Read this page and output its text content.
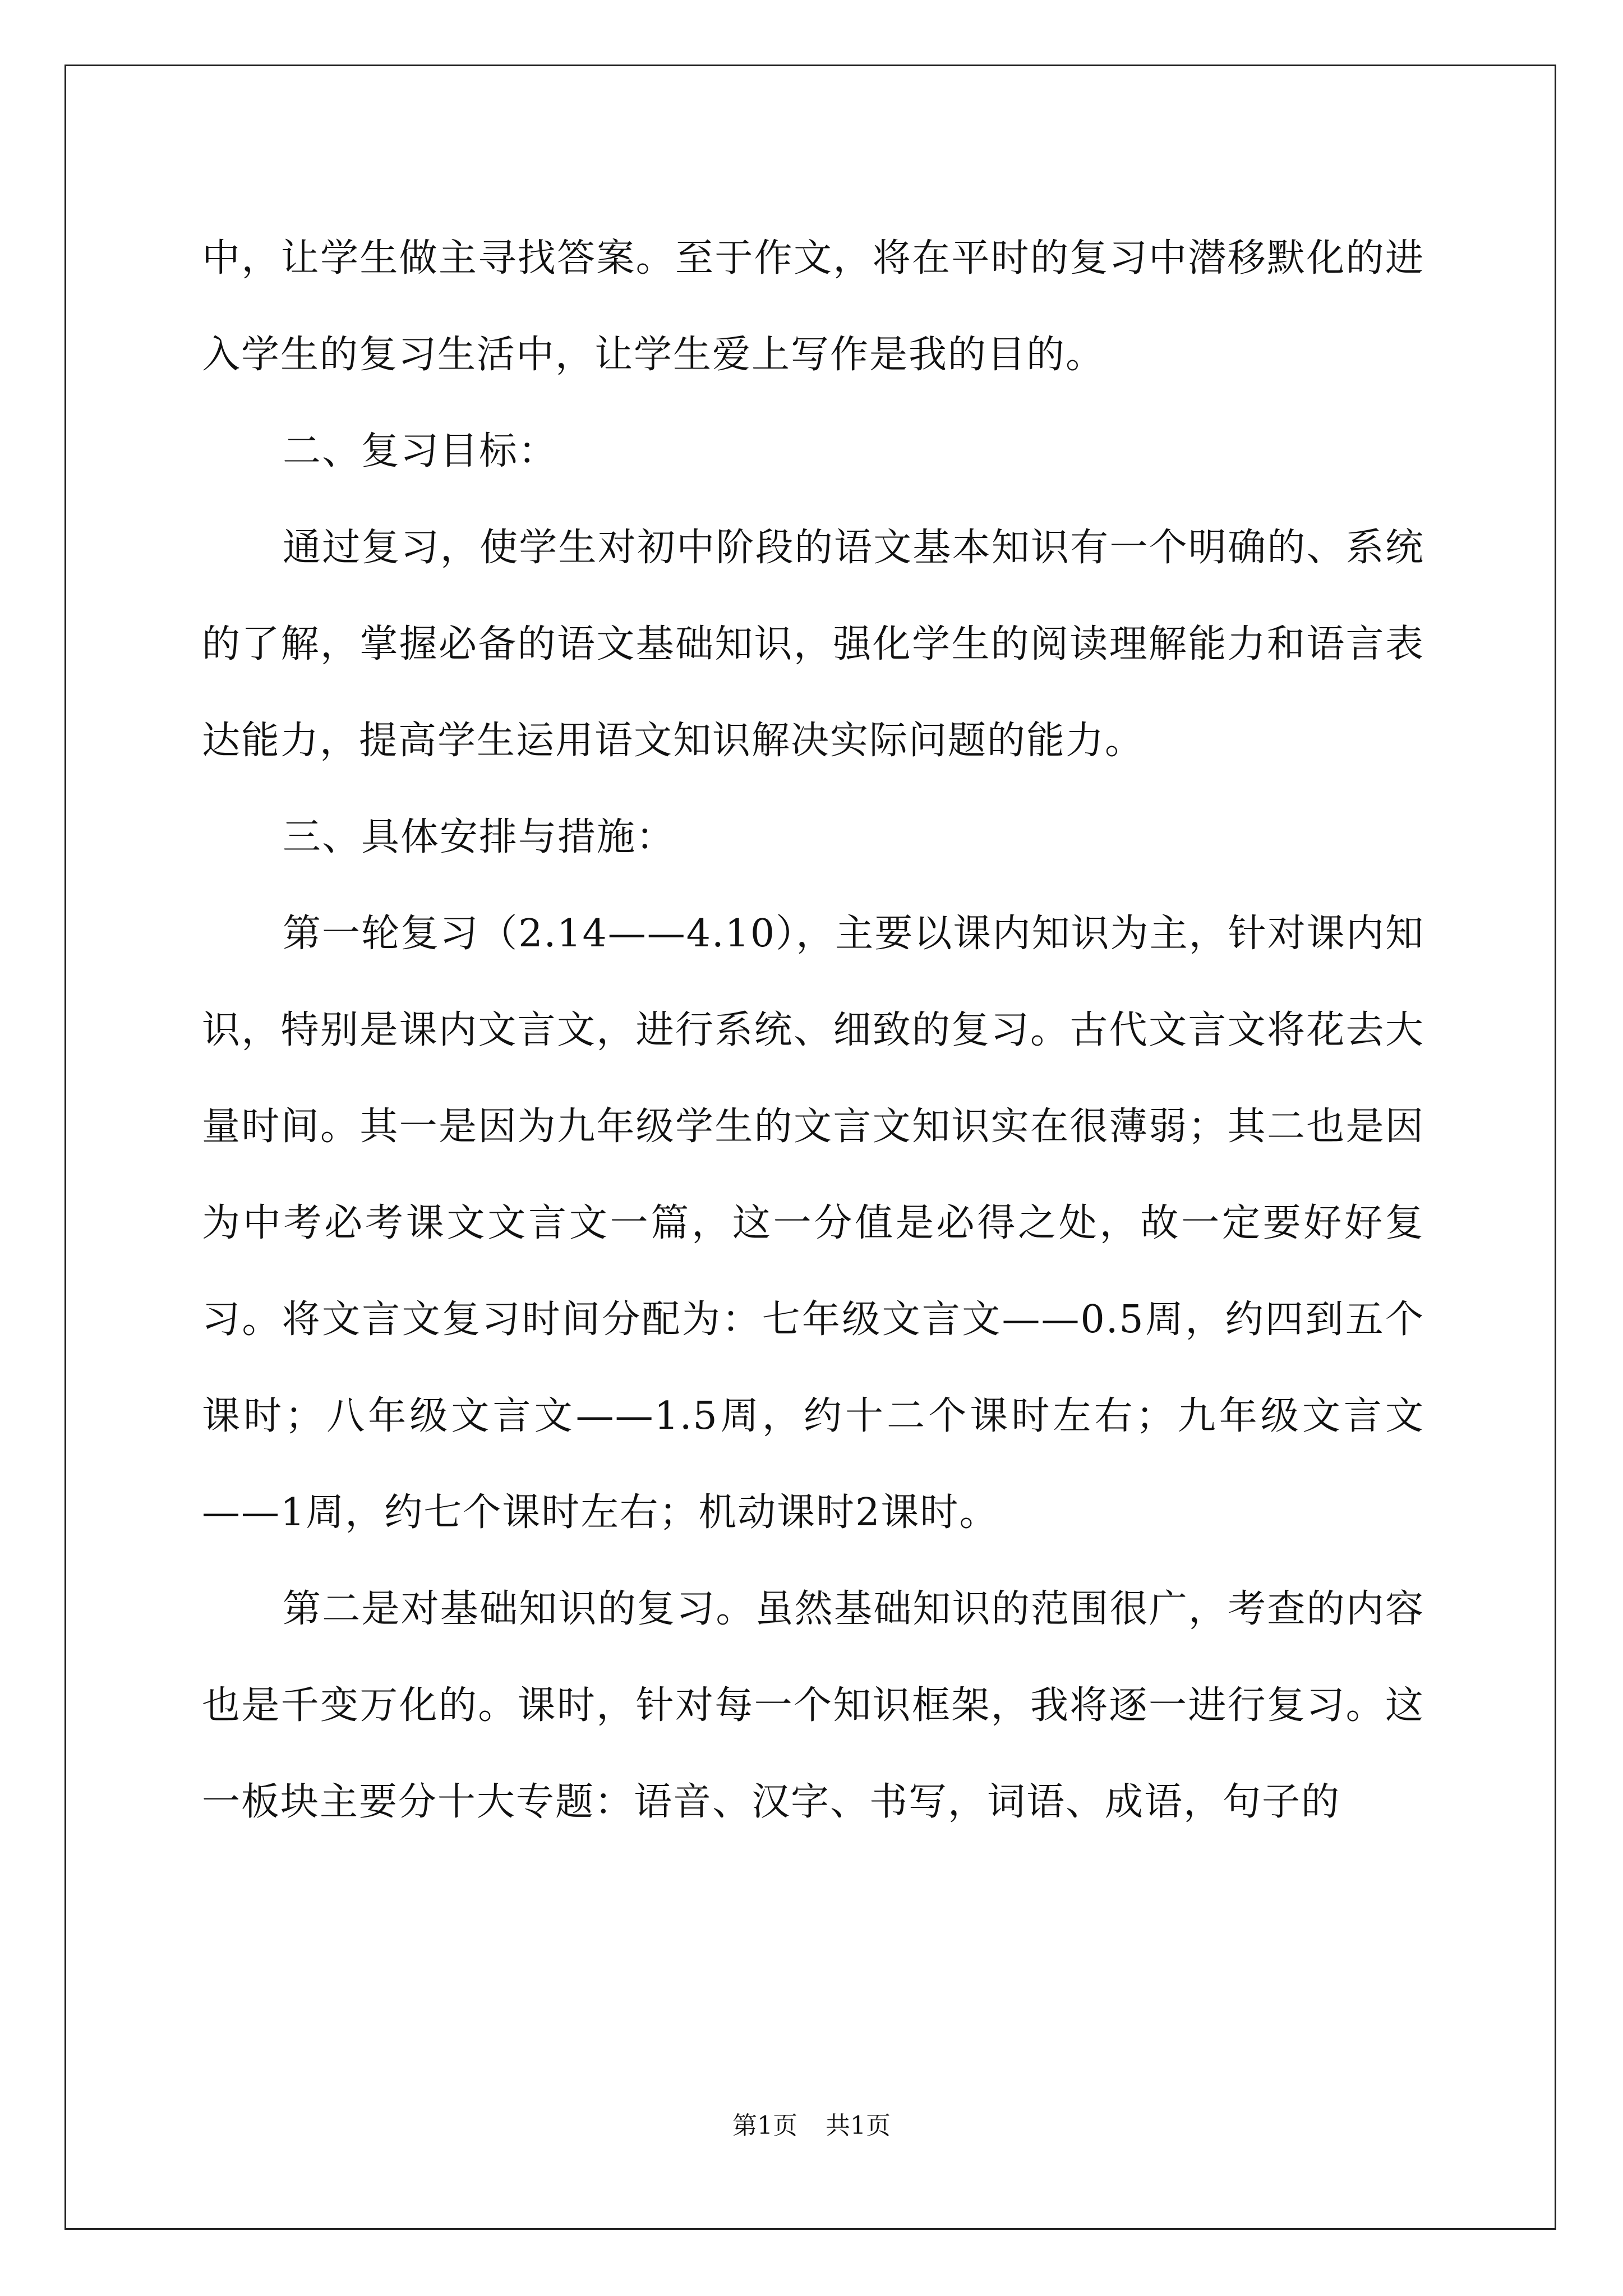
中，让学生做主寻找答案。至于作文，将在平时的复习中潜移默化的进入学生的复习生活中，让学生爱上写作是我的目的。

二、复习目标：

通过复习，使学生对初中阶段的语文基本知识有一个明确的、系统的了解，掌握必备的语文基础知识，强化学生的阅读理解能力和语言表达能力，提高学生运用语文知识解决实际问题的能力。

三、具体安排与措施：

第一轮复习（2.14——4.10），主要以课内知识为主，针对课内知识，特别是课内文言文，进行系统、细致的复习。古代文言文将花去大量时间。其一是因为九年级学生的文言文知识实在很薄弱；其二也是因为中考必考课文文言文一篇，这一分值是必得之处，故一定要好好复习。将文言文复习时间分配为：七年级文言文——0.5周，约四到五个课时；八年级文言文——1.5周，约十二个课时左右；九年级文言文——1周，约七个课时左右；机动课时2课时。

第二是对基础知识的复习。虽然基础知识的范围很广，考查的内容也是千变万化的。课时，针对每一个知识框架，我将逐一进行复习。这一板块主要分十大专题：语音、汉字、书写，词语、成语，句子的

第1页 共1页
